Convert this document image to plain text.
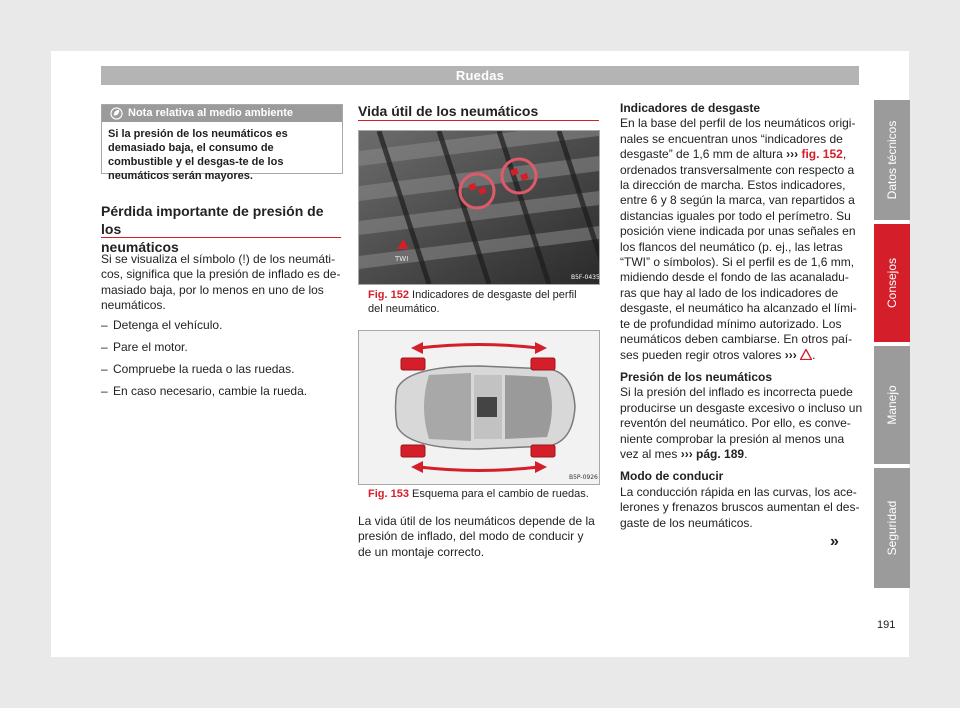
Ruedas
Nota relativa al medio ambiente
Si la presión de los neumáticos es demasiado baja, el consumo de combustible y el desgas-te de los neumáticos serán mayores.
Pérdida importante de presión de los
neumáticos

Si se visualiza el símbolo (!) de los neumáti-

cos, significa que la presión de inflado es de-

masiado baja, por lo menos en uno de los

neumáticos.

– Detenga el vehículo.
– Pare el motor.
– Compruebe la rueda o las ruedas.
– En caso necesario, cambie la rueda.
Vida útil de los neumáticos
TWI
B5F-0435
Fig. 152 Indicadores de desgaste del perfil
del neumático.
B5P-0926
Fig. 153 Esquema para el cambio de ruedas.

La vida útil de los neumáticos depende de la

presión de inflado, del modo de conducir y

de un montaje correcto.

Indicadores de desgaste

En la base del perfil de los neumáticos origi-

nales se encuentran unos “indicadores de

desgaste” de 1,6 mm de altura ››› fig. 152,

ordenados transversalmente con respecto a

la dirección de marcha. Estos indicadores,

entre 6 y 8 según la marca, van repartidos a

distancias iguales por todo el perímetro. Su

posición viene indicada por unas señales en

los flancos del neumático (p. ej., las letras

“TWI” o símbolos). Si el perfil es de 1,6 mm,

midiendo desde el fondo de las acanaladu-

ras que hay al lado de los indicadores de

desgaste, el neumático ha alcanzado el lími-

te de profundidad mínimo autorizado. Los

neumáticos deben cambiarse. En otros paí-

ses pueden regir otros valores ››› .

Presión de los neumáticos

Si la presión del inflado es incorrecta puede

producirse un desgaste excesivo o incluso un

reventón del neumático. Por ello, es conve-

niente comprobar la presión al menos una

vez al mes ››› pág. 189.

Modo de conducir

La conducción rápida en las curvas, los ace-

lerones y frenazos bruscos aumentan el des-

gaste de los neumáticos.

»
Datos técnicos
Consejos
Manejo
Seguridad
191
